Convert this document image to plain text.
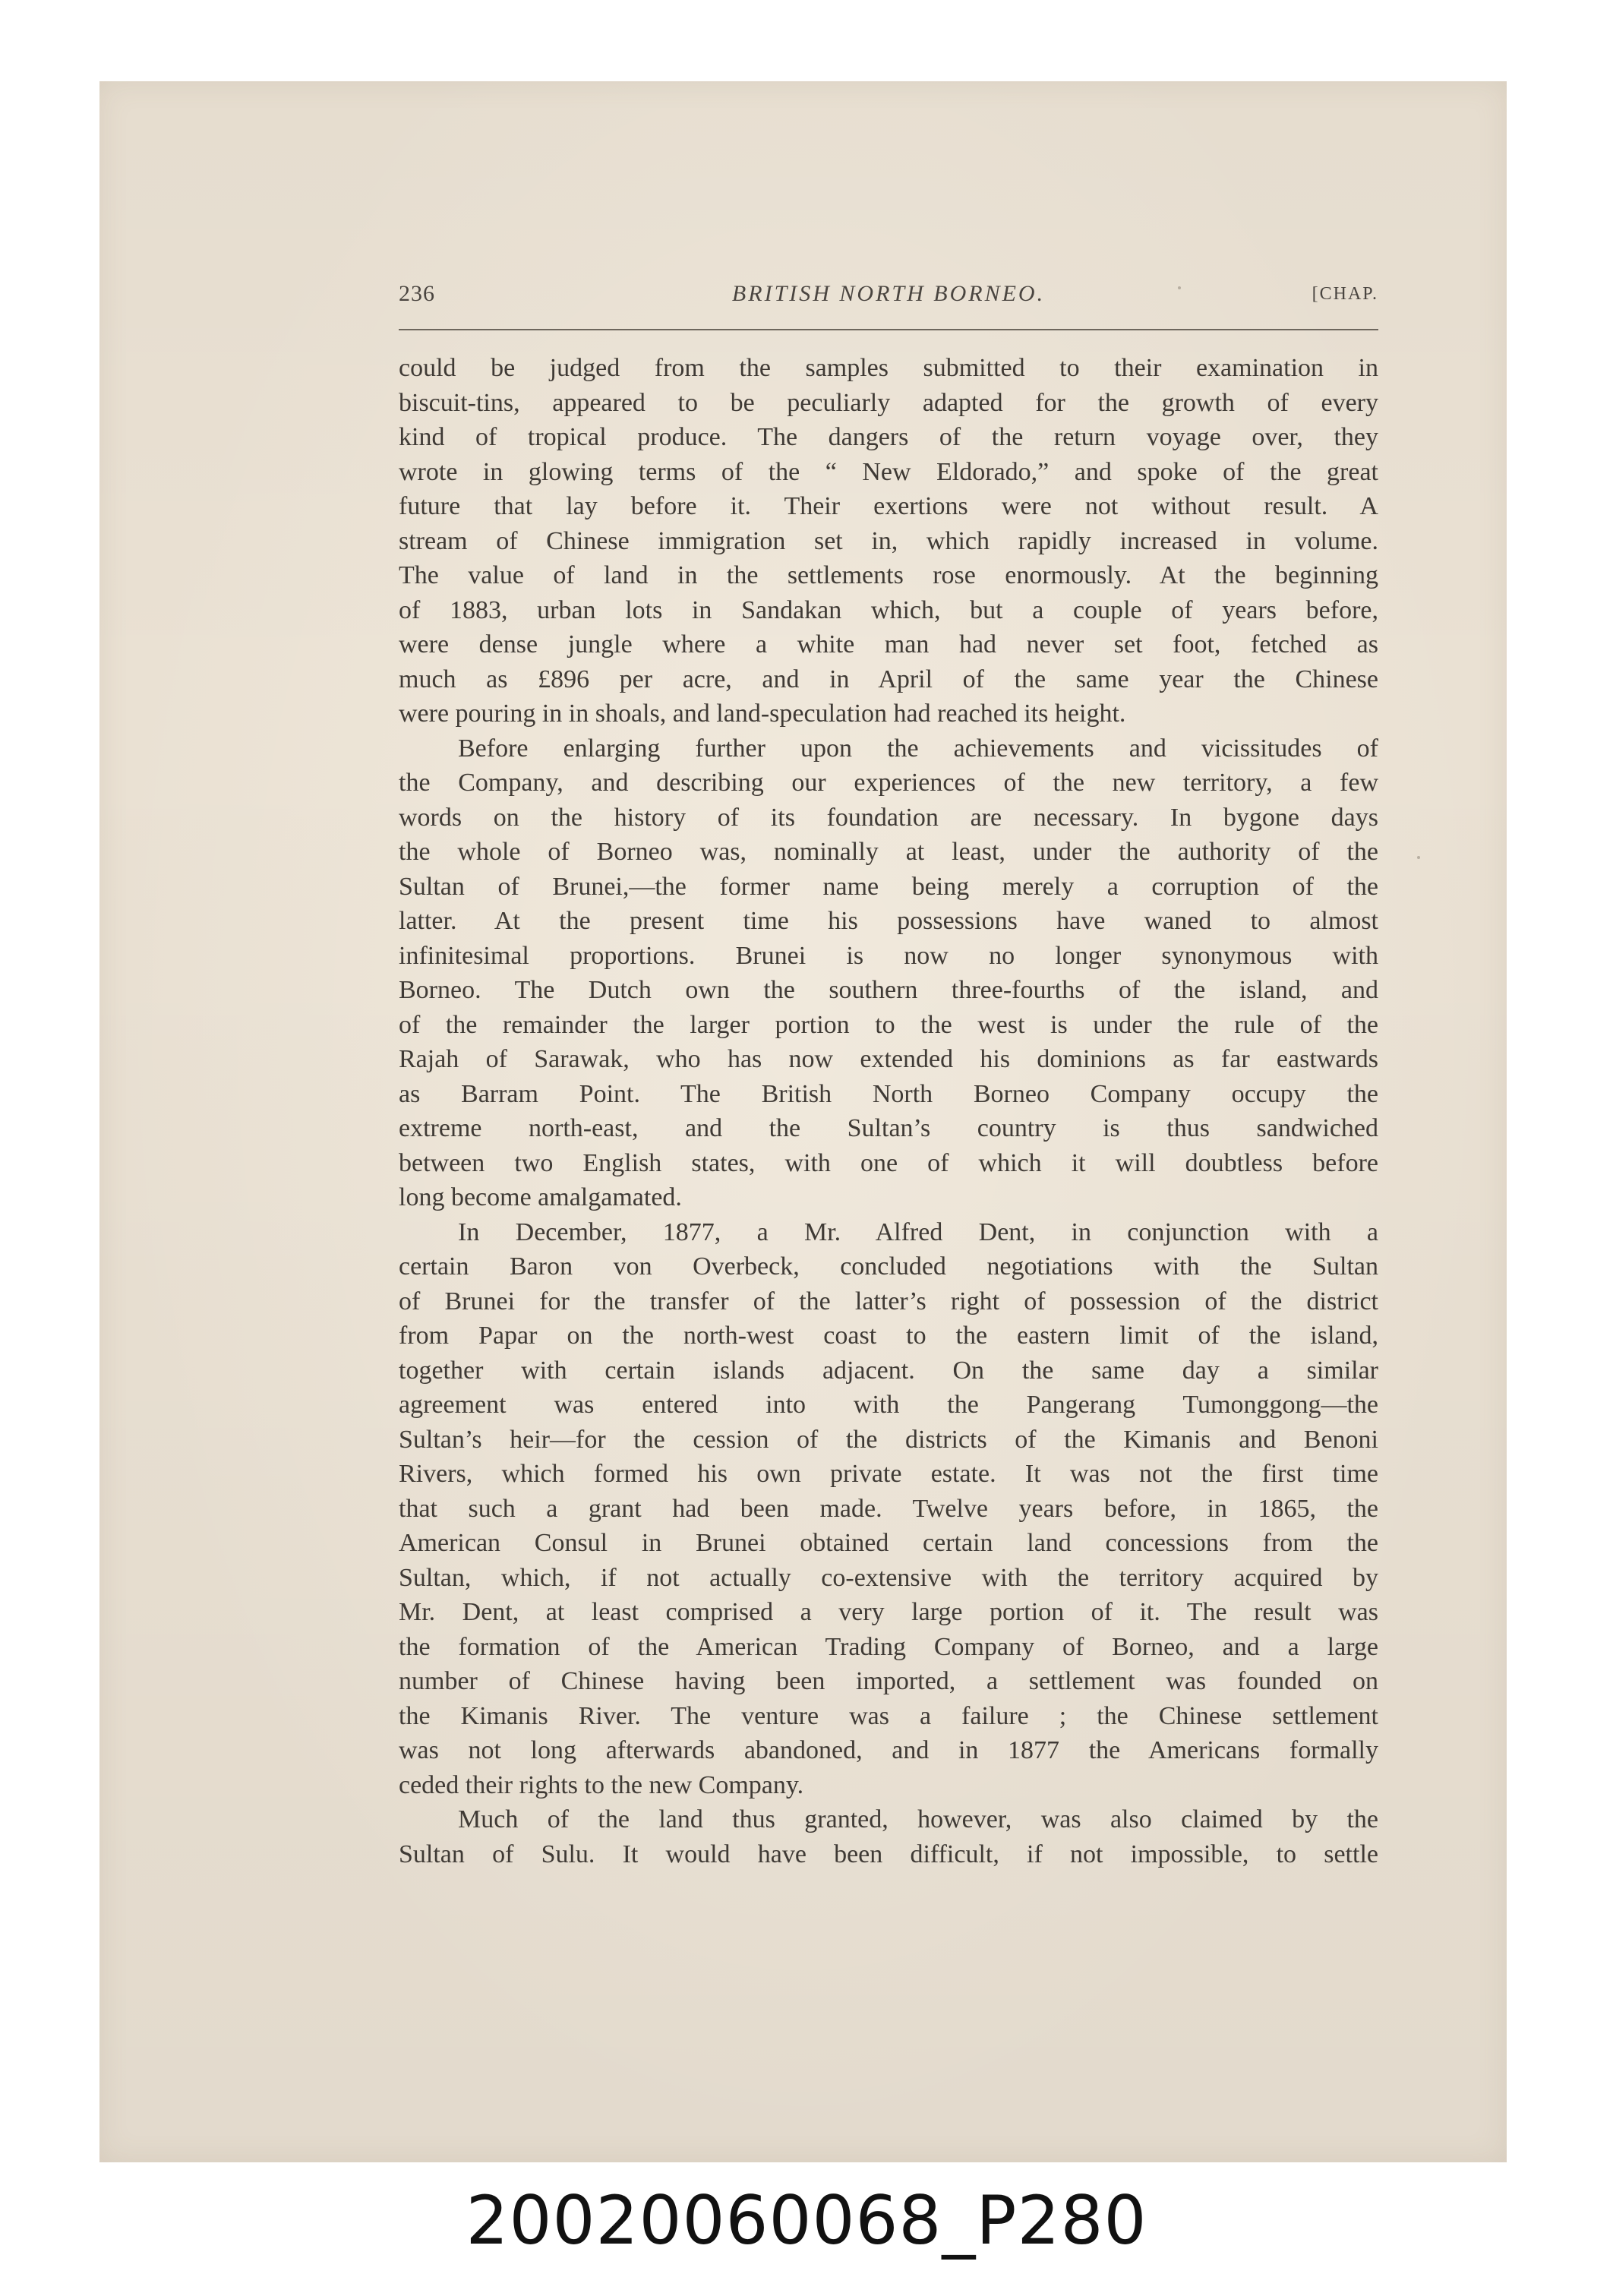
236	BRITISH NORTH BORNEO.	[CHAP.
could be judged from the samples submitted to their examination in
biscuit-tins, appeared to be peculiarly adapted for the growth of every
kind of tropical produce. The dangers of the return voyage over, they
wrote in glowing terms of the “ New Eldorado,” and spoke of the great
future that lay before it. Their exertions were not without result. A
stream of Chinese immigration set in, which rapidly increased in volume.
The value of land in the settlements rose enormously. At the beginning
of 1883, urban lots in Sandakan which, but a couple of years before,
were dense jungle where a white man had never set foot, fetched as
much as £896 per acre, and in April of the same year the Chinese
were pouring in in shoals, and land-speculation had reached its height.
Before enlarging further upon the achievements and vicissitudes of
the Company, and describing our experiences of the new territory, a few
words on the history of its foundation are necessary. In bygone days
the whole of Borneo was, nominally at least, under the authority of the
Sultan of Brunei,—the former name being merely a corruption of the
latter. At the present time his possessions have waned to almost
infinitesimal proportions. Brunei is now no longer synonymous with
Borneo. The Dutch own the southern three-fourths of the island, and
of the remainder the larger portion to the west is under the rule of the
Rajah of Sarawak, who has now extended his dominions as far eastwards
as Barram Point. The British North Borneo Company occupy the
extreme north-east, and the Sultan’s country is thus sandwiched
between two English states, with one of which it will doubtless before
long become amalgamated.
In December, 1877, a Mr. Alfred Dent, in conjunction with a
certain Baron von Overbeck, concluded negotiations with the Sultan
of Brunei for the transfer of the latter’s right of possession of the district
from Papar on the north-west coast to the eastern limit of the island,
together with certain islands adjacent. On the same day a similar
agreement was entered into with the Pangerang Tumonggong—the
Sultan’s heir—for the cession of the districts of the Kimanis and Benoni
Rivers, which formed his own private estate. It was not the first time
that such a grant had been made. Twelve years before, in 1865, the
American Consul in Brunei obtained certain land concessions from the
Sultan, which, if not actually co-extensive with the territory acquired by
Mr. Dent, at least comprised a very large portion of it. The result was
the formation of the American Trading Company of Borneo, and a large
number of Chinese having been imported, a settlement was founded on
the Kimanis River. The venture was a failure ; the Chinese settlement
was not long afterwards abandoned, and in 1877 the Americans formally
ceded their rights to the new Company.
Much of the land thus granted, however, was also claimed by the
Sultan of Sulu. It would have been difficult, if not impossible, to settle
20020060068_P280
